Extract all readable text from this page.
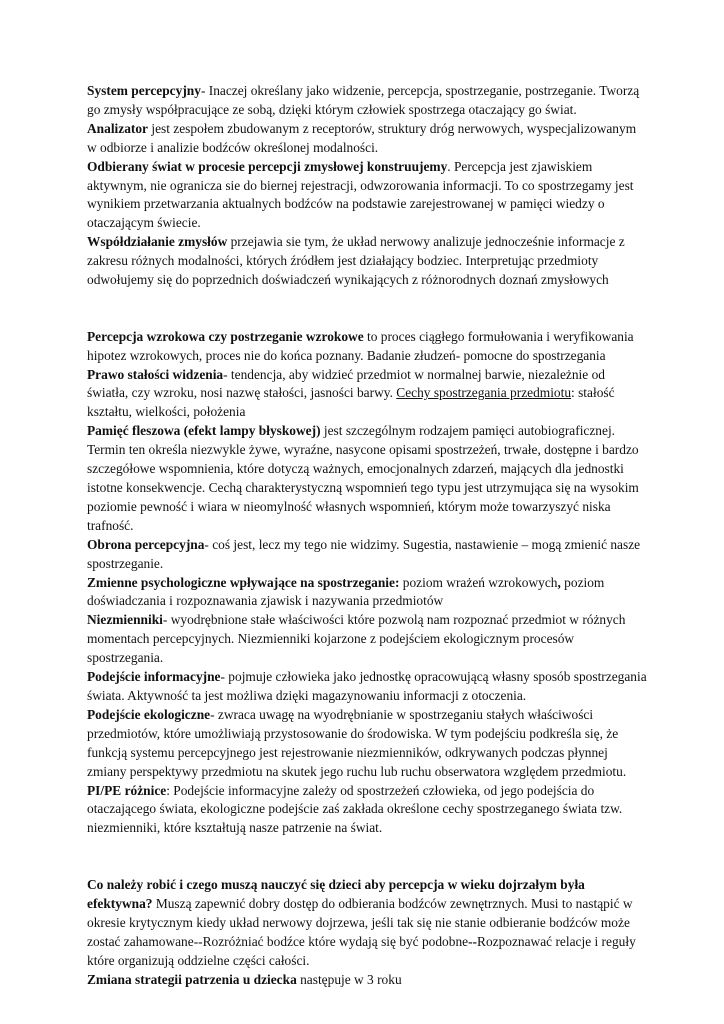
System percepcyjny- Inaczej określany jako widzenie, percepcja, spostrzeganie, postrzeganie. Tworzą go zmysły współpracujące ze sobą, dzięki którym człowiek spostrzega otaczający go świat.

Analizator jest zespołem zbudowanym z receptorów, struktury dróg nerwowych, wyspecjalizowanym w odbiorze i analizie bodźców określonej modalności.

Odbierany świat w procesie percepcji zmysłowej konstruujemy. Percepcja jest zjawiskiem aktywnym, nie ogranicza sie do biernej rejestracji, odwzorowania informacji. To co spostrzegamy jest wynikiem przetwarzania aktualnych bodźców na podstawie zarejestrowanej w pamięci wiedzy o otaczającym świecie.

Współdziałanie zmysłów przejawia sie tym, że układ nerwowy analizuje jednocześnie informacje z zakresu różnych modalności, których źródłem jest działający bodziec. Interpretując przedmioty odwołujemy się do poprzednich doświadczeń wynikających z różnorodnych doznań zmysłowych

Percepcja wzrokowa czy postrzeganie wzrokowe to proces ciągłego formułowania i weryfikowania hipotez wzrokowych, proces nie do końca poznany. Badanie złudzeń- pomocne do spostrzegania

Prawo stałości widzenia- tendencja, aby widzieć przedmiot w normalnej barwie, niezależnie od światła, czy wzroku, nosi nazwę stałości, jasności barwy. Cechy spostrzegania przedmiotu: stałość kształtu, wielkości, położenia

Pamięć fleszowa (efekt lampy błyskowej) jest szczególnym rodzajem pamięci autobiograficznej. Termin ten określa niezwykle żywe, wyraźne, nasycone opisami spostrzeżeń, trwałe, dostępne i bardzo szczegółowe wspomnienia, które dotyczą ważnych, emocjonalnych zdarzeń, mających dla jednostki istotne konsekwencje. Cechą charakterystyczną wspomnień tego typu jest utrzymująca się na wysokim poziomie pewność i wiara w nieomylność własnych wspomnień, którym może towarzyszyć niska trafność.

Obrona percepcyjna- coś jest, lecz my tego nie widzimy. Sugestia, nastawienie – mogą zmienić nasze spostrzeganie.

Zmienne psychologiczne wpływające na spostrzeganie: poziom wrażeń wzrokowych, poziom doświadczania i rozpoznawania zjawisk i nazywania przedmiotów

Niezmienniki- wyodrębnione stałe właściwości które pozwolą nam rozpoznać przedmiot w różnych momentach percepcyjnych. Niezmienniki kojarzone z podejściem ekologicznym procesów spostrzegania.

Podejście informacyjne- pojmuje człowieka jako jednostkę opracowującą własny sposób spostrzegania świata. Aktywność ta jest możliwa dzięki magazynowaniu informacji z otoczenia.

Podejście ekologiczne- zwraca uwagę na wyodrębnianie w spostrzeganiu stałych właściwości przedmiotów, które umożliwiają przystosowanie do środowiska. W tym podejściu podkreśla się, że funkcją systemu percepcyjnego jest rejestrowanie niezmienników, odkrywanych podczas płynnej zmiany perspektywy przedmiotu na skutek jego ruchu lub ruchu obserwatora względem przedmiotu.

PI/PE różnice: Podejście informacyjne zależy od spostrzeżeń człowieka, od jego podejścia do otaczającego świata, ekologiczne podejście zaś zakłada określone cechy spostrzeganego świata tzw. niezmienniki, które kształtują nasze patrzenie na świat.

Co należy robić i czego muszą nauczyć się dzieci aby percepcja w wieku dojrzałym była efektywna? Muszą zapewnić dobry dostęp do odbierania bodźców zewnętrznych. Musi to nastąpić w okresie krytycznym kiedy układ nerwowy dojrzewa, jeśli tak się nie stanie odbieranie bodźców może zostać zahamowane--Rozróżniać bodźce które wydają się być podobne--Rozpoznawać relacje i reguły które organizują oddzielne części całości.

Zmiana strategii patrzenia u dziecka następuje w 3 roku
